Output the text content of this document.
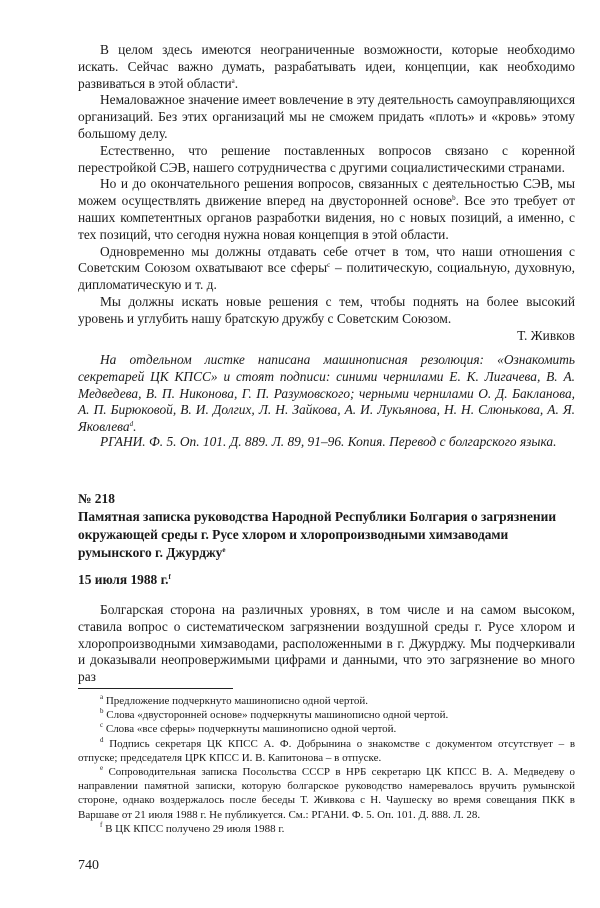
В целом здесь имеются неограниченные возможности, которые необходимо искать. Сейчас важно думать, разрабатывать идеи, концепции, как необходимо развиваться в этой области$^a$.

Немаловажное значение имеет вовлечение в эту деятельность самоуправляющихся организаций. Без этих организаций мы не сможем придать «плоть» и «кровь» этому большому делу.

Естественно, что решение поставленных вопросов связано с коренной перестройкой СЭВ, нашего сотрудничества с другими социалистическими странами.

Но и до окончательного решения вопросов, связанных с деятельностью СЭВ, мы можем осуществлять движение вперед на двусторонней основе$^b$. Все это требует от наших компетентных органов разработки видения, но с новых позиций, а именно, с тех позиций, что сегодня нужна новая концепция в этой области.

Одновременно мы должны отдавать себе отчет в том, что наши отношения с Советским Союзом охватывают все сферы$^c$ – политическую, социальную, духовную, дипломатическую и т. д.

Мы должны искать новые решения с тем, чтобы поднять на более высокий уровень и углубить нашу братскую дружбу с Советским Союзом.

Т. Живков

На отдельном листке написана машинописная резолюция: «Ознакомить секретарей ЦК КПСС» и стоят подписи: синими чернилами Е. К. Лигачева, В. А. Медведева, В. П. Никонова, Г. П. Разумовского; черными чернилами О. Д. Бакланова, А. П. Бирюковой, В. И. Долгих, Л. Н. Зайкова, А. И. Лукьянова, Н. Н. Слюнькова, А. Я. Яковлева$^d$.

РГАНИ. Ф. 5. Оп. 101. Д. 889. Л. 89, 91–96. Копия. Перевод с болгарского языка.

№ 218

Памятная записка руководства Народной Республики Болгария о загрязнении окружающей среды г. Русе хлором и хлоропроизводными химзаводами румынского г. Джурджу$^e$

15 июля 1988 г.$^f$

Болгарская сторона на различных уровнях, в том числе и на самом высоком, ставила вопрос о систематическом загрязнении воздушной среды г. Русе хлором и хлоропроизводными химзаводами, расположенными в г. Джурджу. Мы подчеркивали и доказывали неопровержимыми цифрами и данными, что это загрязнение во много раз

$^a$ Предложение подчеркнуто машинописно одной чертой.

$^b$ Слова «двусторонней основе» подчеркнуты машинописно одной чертой.

$^c$ Слова «все сферы» подчеркнуты машинописно одной чертой.

$^d$ Подпись секретаря ЦК КПСС А. Ф. Добрынина о знакомстве с документом отсутствует – в отпуске; председателя ЦРК КПСС И. В. Капитонова – в отпуске.

$^e$ Сопроводительная записка Посольства СССР в НРБ секретарю ЦК КПСС В. А. Медведеву о направлении памятной записки, которую болгарское руководство намеревалось вручить румынской стороне, однако воздержалось после беседы Т. Живкова с Н. Чаушеску во время совещания ПКК в Варшаве от 21 июля 1988 г. Не публикуется. См.: РГАНИ. Ф. 5. Оп. 101. Д. 888. Л. 28.

$^f$ В ЦК КПСС получено 29 июля 1988 г.

740
